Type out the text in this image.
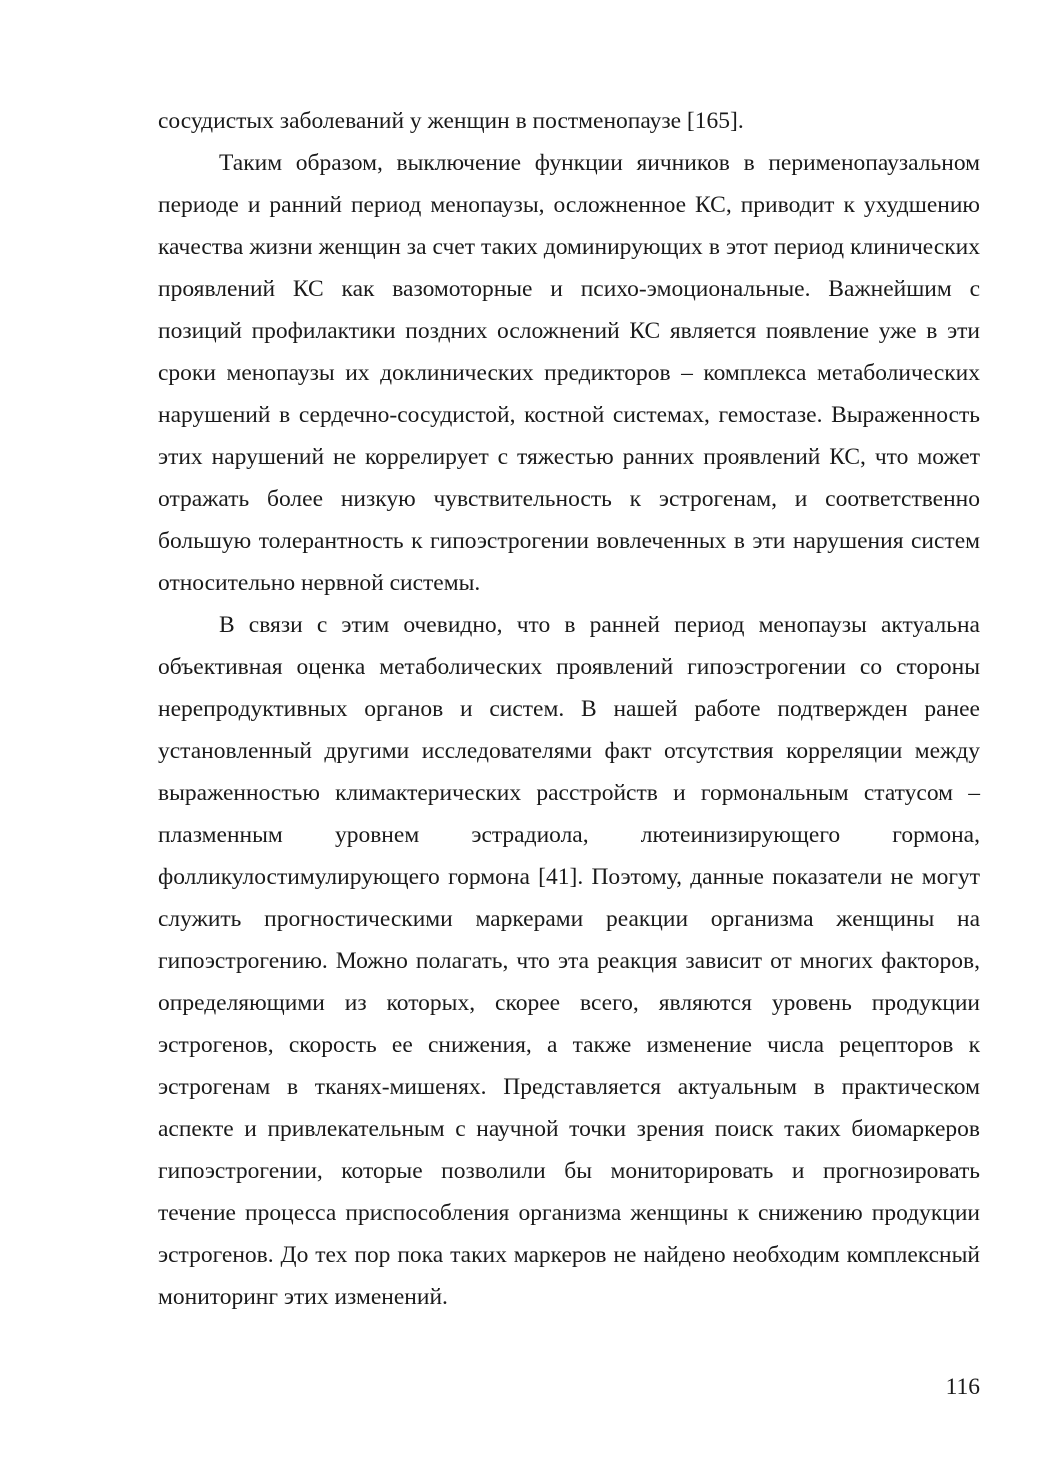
сосудистых заболеваний у женщин в постменопаузе [165].

Таким образом, выключение функции яичников в перименопаузальном периоде и ранний период менопаузы, осложненное КС, приводит к ухудшению качества жизни женщин за счет таких доминирующих в этот период клинических проявлений КС как вазомоторные и психо-эмоциональные. Важнейшим с позиций профилактики поздних осложнений КС является появление уже в эти сроки менопаузы их доклинических предикторов – комплекса метаболических нарушений в сердечно-сосудистой, костной системах, гемостазе. Выраженность этих нарушений не коррелирует с тяжестью ранних проявлений КС, что может отражать более низкую чувствительность к эстрогенам, и соответственно большую толерантность к гипоэстрогении вовлеченных в эти нарушения систем относительно нервной системы.

В связи с этим очевидно, что в ранней период менопаузы актуальна объективная оценка метаболических проявлений гипоэстрогении со стороны нерепродуктивных органов и систем. В нашей работе подтвержден ранее установленный другими исследователями факт отсутствия корреляции между выраженностью климактерических расстройств и гормональным статусом – плазменным уровнем эстрадиола, лютеинизирующего гормона, фолликулостимулирующего гормона [41]. Поэтому, данные показатели не могут служить прогностическими маркерами реакции организма женщины на гипоэстрогению. Можно полагать, что эта реакция зависит от многих факторов, определяющими из которых, скорее всего, являются уровень продукции эстрогенов, скорость ее снижения, а также изменение числа рецепторов к эстрогенам в тканях-мишенях. Представляется актуальным в практическом аспекте и привлекательным с научной точки зрения поиск таких биомаркеров гипоэстрогении, которые позволили бы мониторировать и прогнозировать течение процесса приспособления организма женщины к снижению продукции эстрогенов. До тех пор пока таких маркеров не найдено необходим комплексный мониторинг этих изменений.

116
